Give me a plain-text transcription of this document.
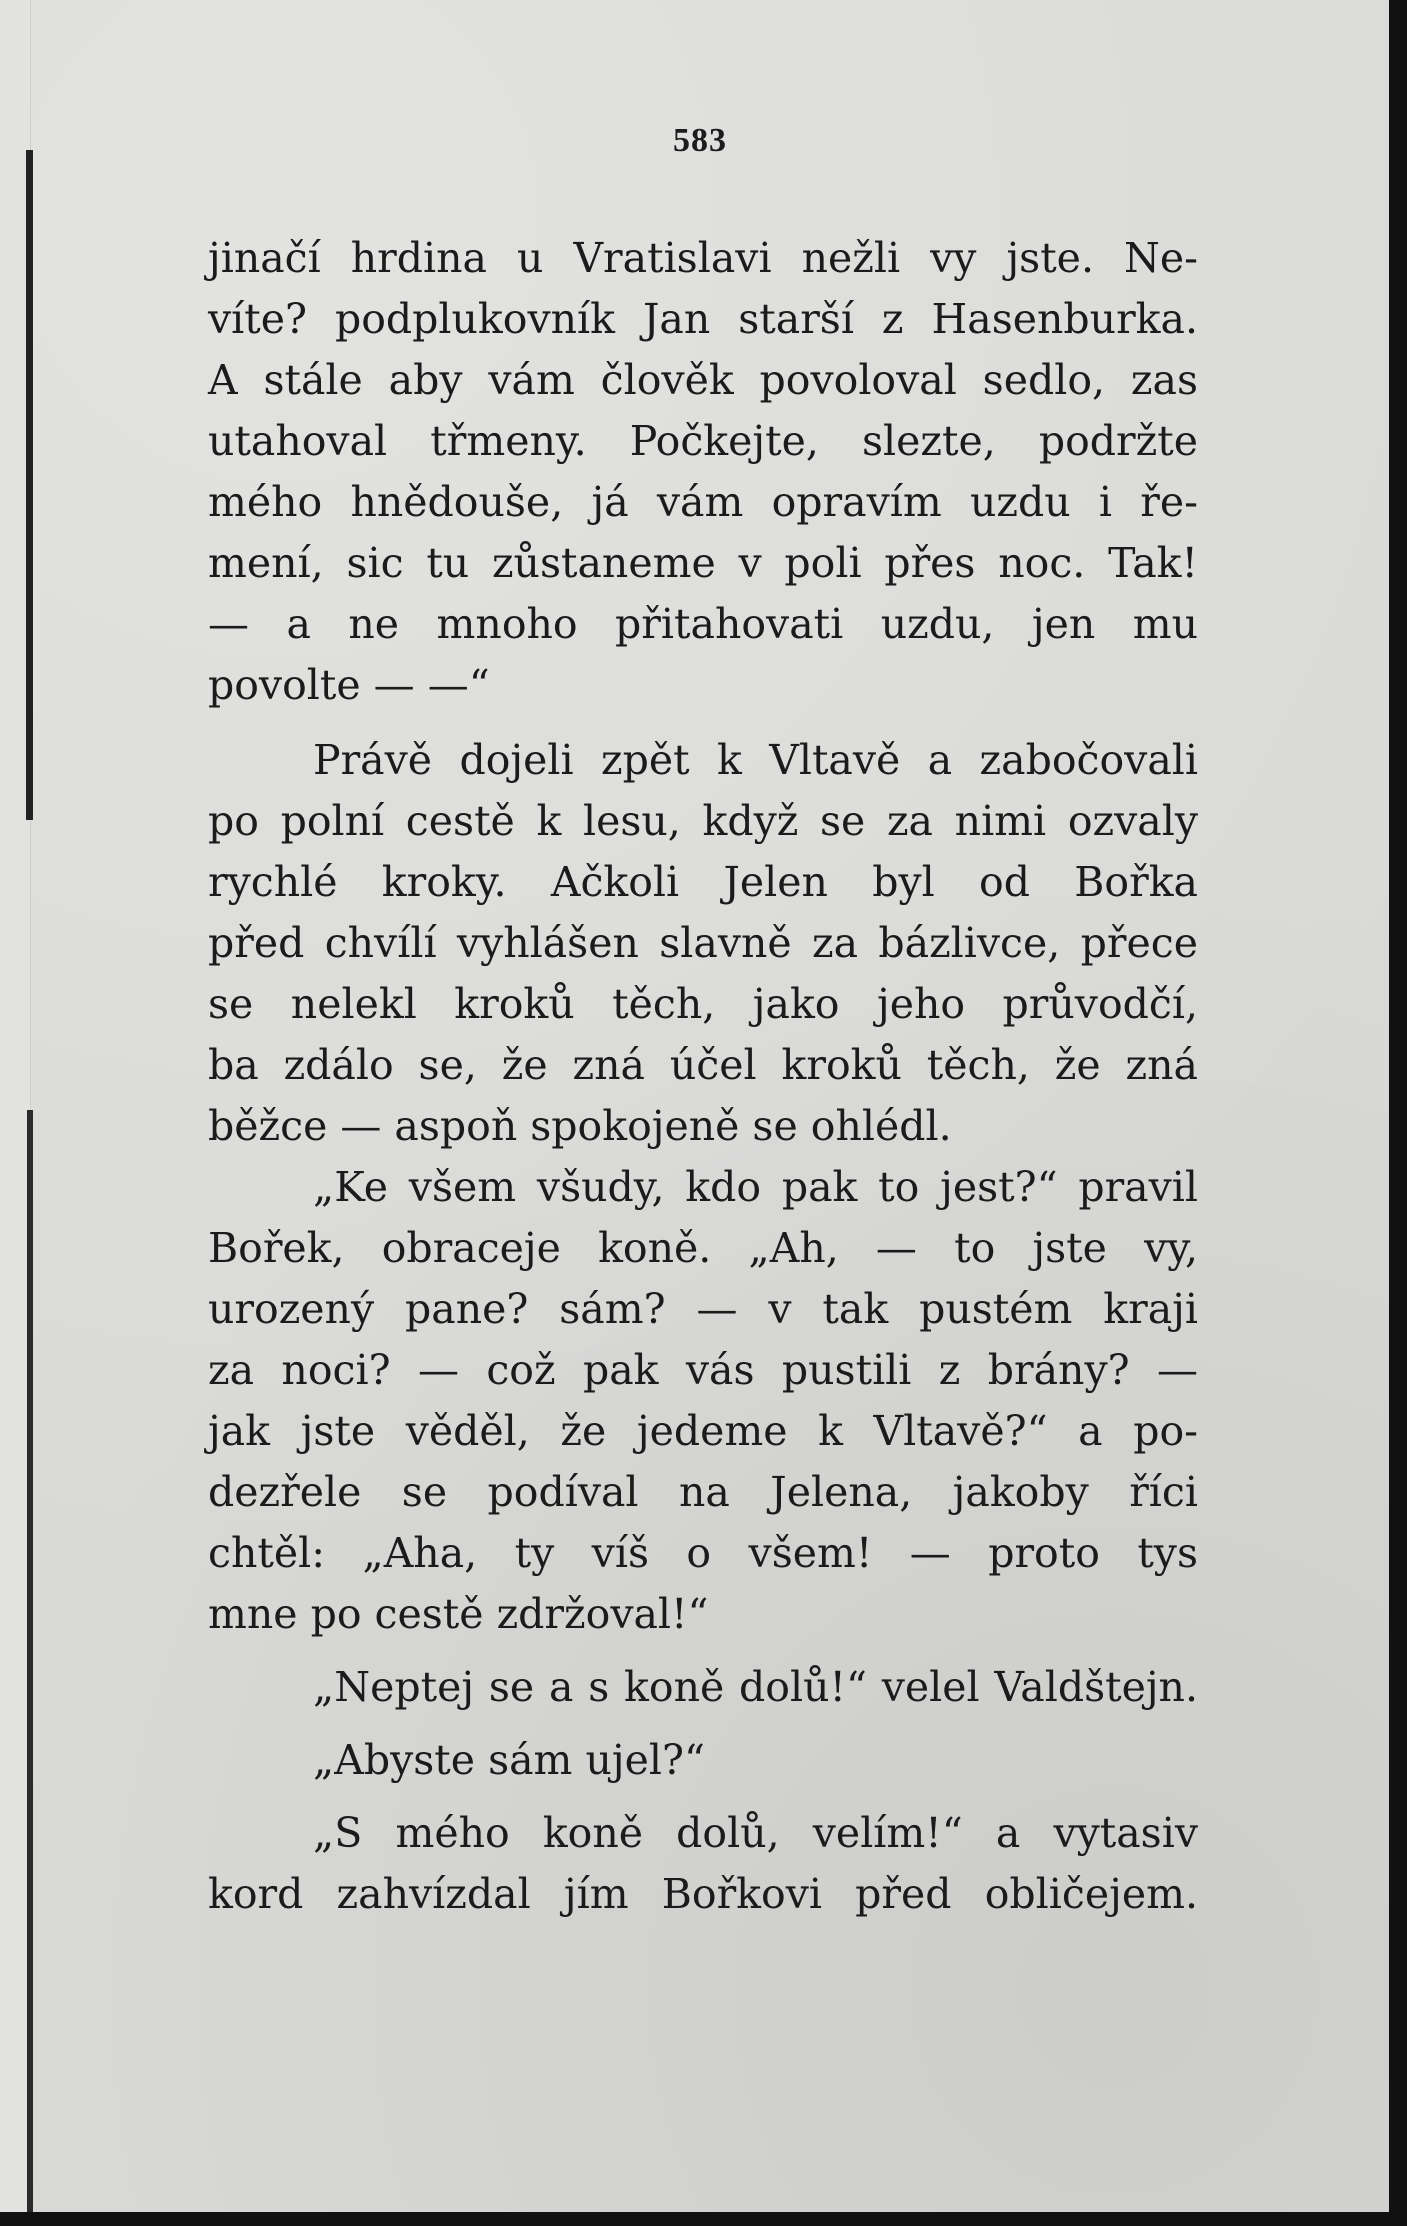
583
jinačí hrdina u Vratislavi nežli vy jste. Ne-
víte? podplukovník Jan starší z Hasenburka.
A stále aby vám člověk povoloval sedlo, zas
utahoval třmeny. Počkejte, slezte, podržte
mého hnědouše, já vám opravím uzdu i ře-
mení, sic tu zůstaneme v poli přes noc. Tak!
— a ne mnoho přitahovati uzdu, jen mu
povolte — —“
Právě dojeli zpět k Vltavě a zabočovali
po polní cestě k lesu, když se za nimi ozvaly
rychlé kroky. Ačkoli Jelen byl od Bořka
před chvílí vyhlášen slavně za bázlivce, přece
se nelekl kroků těch, jako jeho průvodčí,
ba zdálo se, že zná účel kroků těch, že zná
běžce — aspoň spokojeně se ohlédl.
„Ke všem všudy, kdo pak to jest?“ pravil
Bořek, obraceje koně. „Ah, — to jste vy,
urozený pane? sám? — v tak pustém kraji
za noci? — což pak vás pustili z brány? —
jak jste věděl, že jedeme k Vltavě?“ a po-
dezřele se podíval na Jelena, jakoby říci
chtěl: „Aha, ty víš o všem! — proto tys
mne po cestě zdržoval!“
„Neptej se a s koně dolů!“ velel Valdštejn.
„Abyste sám ujel?“
„S mého koně dolů, velím!“ a vytasiv
kord zahvízdal jím Bořkovi před obličejem.
